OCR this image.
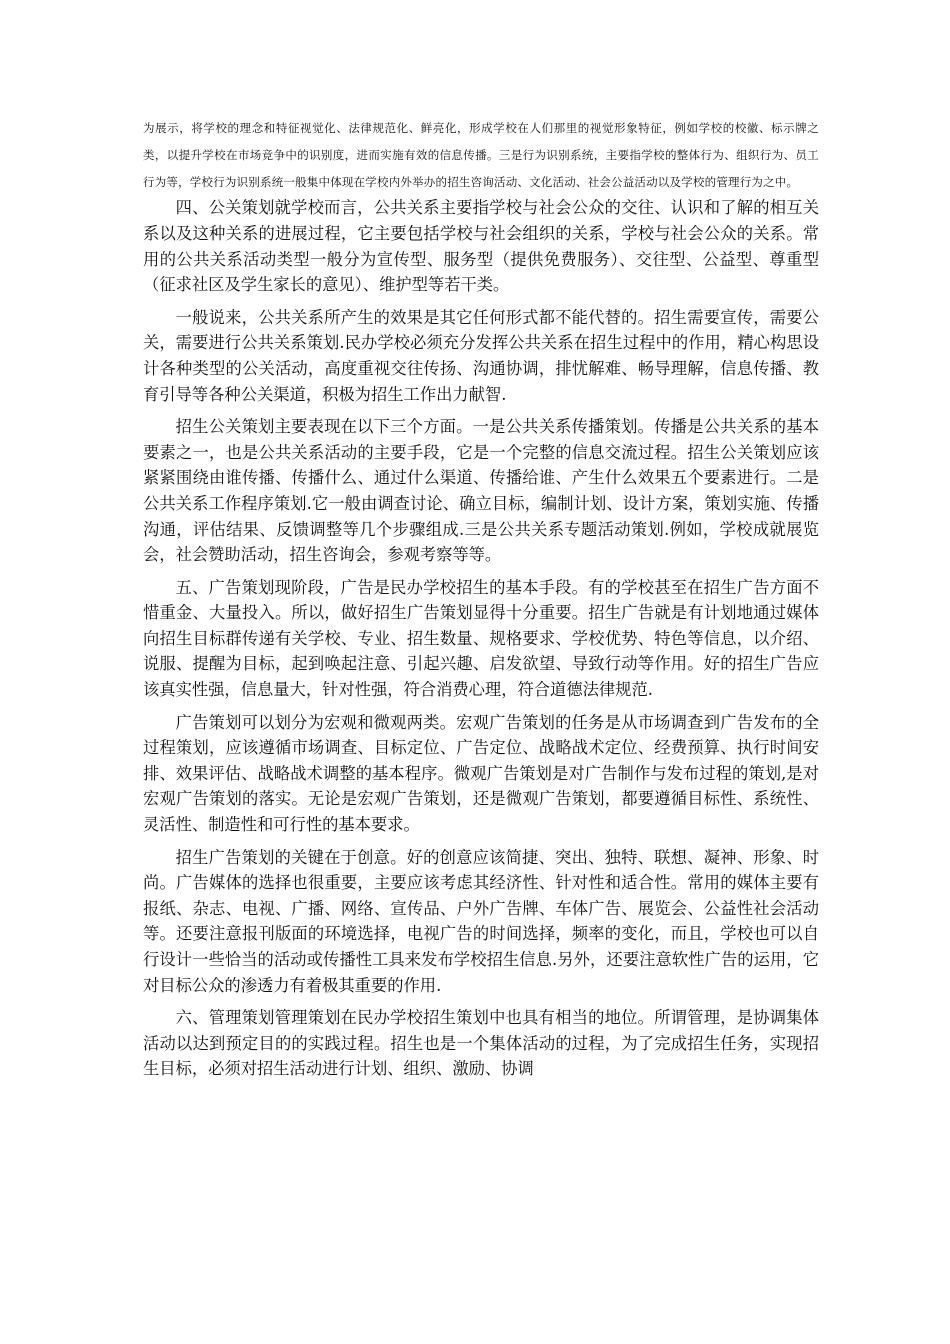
为展示，将学校的理念和特征视觉化、法律规范化、鲜亮化，形成学校在人们那里的视觉形象特征，例如学校的校徽、标示牌之类，以提升学校在市场竞争中的识别度，进而实施有效的信息传播。三是行为识别系统，主要指学校的整体行为、组织行为、员工行为等，学校行为识别系统一般集中体现在学校内外举办的招生咨询活动、文化活动、社会公益活动以及学校的管理行为之中。

四、公关策划就学校而言，公共关系主要指学校与社会公众的交往、认识和了解的相互关系以及这种关系的进展过程，它主要包括学校与社会组织的关系，学校与社会公众的关系。常用的公共关系活动类型一般分为宣传型、服务型（提供免费服务）、交往型、公益型、尊重型（征求社区及学生家长的意见）、维护型等若干类。

一般说来，公共关系所产生的效果是其它任何形式都不能代替的。招生需要宣传，需要公关，需要进行公共关系策划.民办学校必须充分发挥公共关系在招生过程中的作用，精心构思设计各种类型的公关活动，高度重视交往传扬、沟通协调，排忧解难、畅导理解，信息传播、教育引导等各种公关渠道，积极为招生工作出力献智.

招生公关策划主要表现在以下三个方面。一是公共关系传播策划。传播是公共关系的基本要素之一，也是公共关系活动的主要手段，它是一个完整的信息交流过程。招生公关策划应该紧紧围绕由谁传播、传播什么、通过什么渠道、传播给谁、产生什么效果五个要素进行。二是公共关系工作程序策划.它一般由调查讨论、确立目标，编制计划、设计方案，策划实施、传播沟通，评估结果、反馈调整等几个步骤组成.三是公共关系专题活动策划.例如，学校成就展览会，社会赞助活动，招生咨询会，参观考察等等。

五、广告策划现阶段，广告是民办学校招生的基本手段。有的学校甚至在招生广告方面不惜重金、大量投入。所以，做好招生广告策划显得十分重要。招生广告就是有计划地通过媒体向招生目标群传递有关学校、专业、招生数量、规格要求、学校优势、特色等信息，以介绍、说服、提醒为目标，起到唤起注意、引起兴趣、启发欲望、导致行动等作用。好的招生广告应该真实性强，信息量大，针对性强，符合消费心理，符合道德法律规范.

广告策划可以划分为宏观和微观两类。宏观广告策划的任务是从市场调查到广告发布的全过程策划，应该遵循市场调查、目标定位、广告定位、战略战术定位、经费预算、执行时间安排、效果评估、战略战术调整的基本程序。微观广告策划是对广告制作与发布过程的策划,是对宏观广告策划的落实。无论是宏观广告策划，还是微观广告策划，都要遵循目标性、系统性、灵活性、制造性和可行性的基本要求。

招生广告策划的关键在于创意。好的创意应该简捷、突出、独特、联想、凝神、形象、时尚。广告媒体的选择也很重要，主要应该考虑其经济性、针对性和适合性。常用的媒体主要有报纸、杂志、电视、广播、网络、宣传品、户外广告牌、车体广告、展览会、公益性社会活动等。还要注意报刊版面的环境选择，电视广告的时间选择，频率的变化，而且，学校也可以自行设计一些恰当的活动或传播性工具来发布学校招生信息.另外，还要注意软性广告的运用，它对目标公众的渗透力有着极其重要的作用.

六、管理策划管理策划在民办学校招生策划中也具有相当的地位。所谓管理，是协调集体活动以达到预定目的的实践过程。招生也是一个集体活动的过程，为了完成招生任务，实现招生目标，必须对招生活动进行计划、组织、激励、协调
